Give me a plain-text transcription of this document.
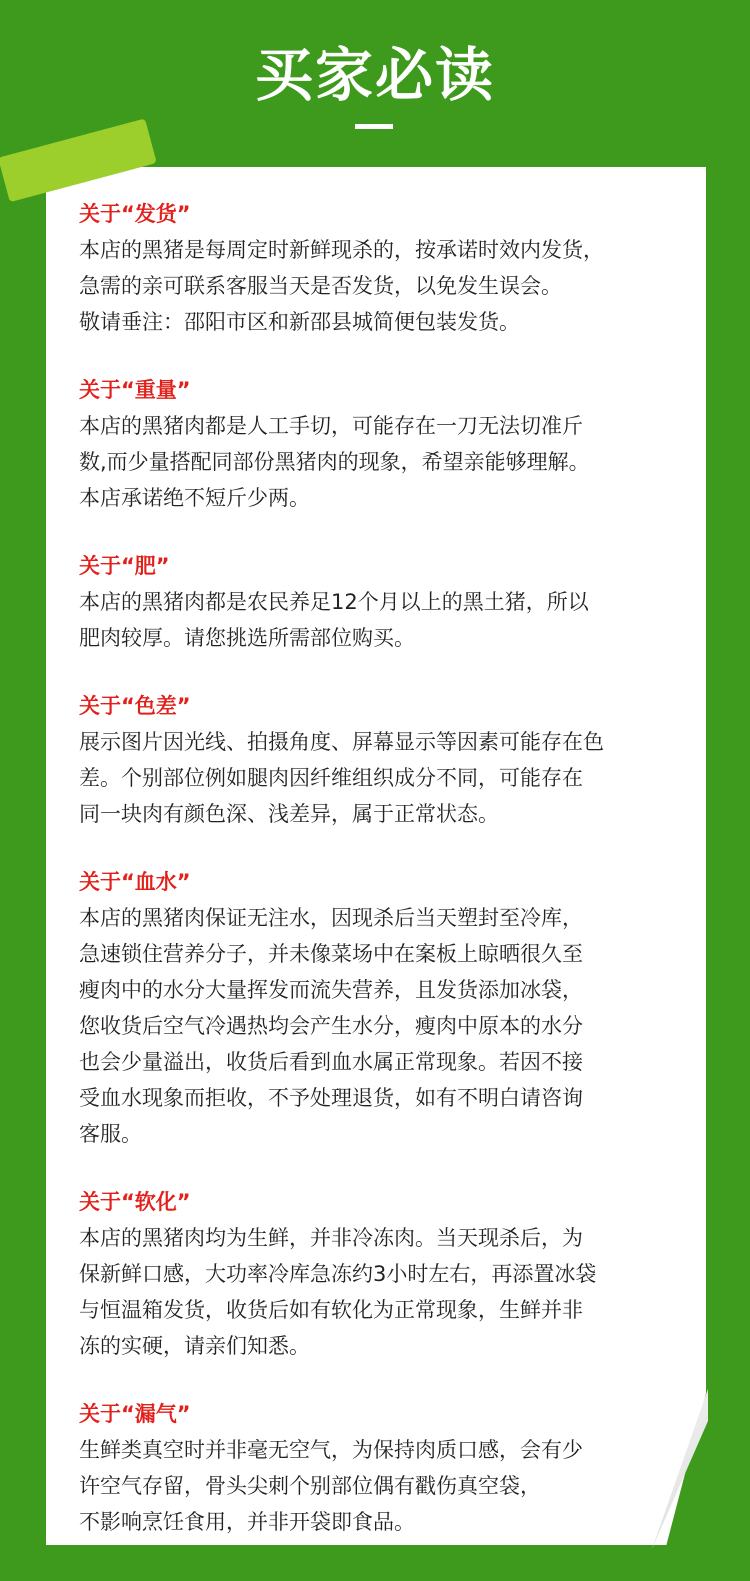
买家必读
关于“发货”
本店的黑猪是每周定时新鲜现杀的，按承诺时效内发货，
急需的亲可联系客服当天是否发货，以免发生误会。
敬请垂注：邵阳市区和新邵县城简便包装发货。
关于“重量”
本店的黑猪肉都是人工手切，可能存在一刀无法切准斤
数,而少量搭配同部份黑猪肉的现象，希望亲能够理解。
本店承诺绝不短斤少两。
关于“肥”
本店的黑猪肉都是农民养足12个月以上的黑土猪，所以
肥肉较厚。请您挑选所需部位购买。
关于“色差”
展示图片因光线、拍摄角度、屏幕显示等因素可能存在色
差。个别部位例如腿肉因纤维组织成分不同，可能存在
同一块肉有颜色深、浅差异，属于正常状态。
关于“血水”
本店的黑猪肉保证无注水，因现杀后当天塑封至冷库，
急速锁住营养分子，并未像菜场中在案板上晾晒很久至
瘦肉中的水分大量挥发而流失营养，且发货添加冰袋，
您收货后空气冷遇热均会产生水分，瘦肉中原本的水分
也会少量溢出，收货后看到血水属正常现象。若因不接
受血水现象而拒收，不予处理退货，如有不明白请咨询
客服。
关于“软化”
本店的黑猪肉均为生鲜，并非冷冻肉。当天现杀后，为
保新鲜口感，大功率冷库急冻约3小时左右，再添置冰袋
与恒温箱发货，收货后如有软化为正常现象，生鲜并非
冻的实硬，请亲们知悉。
关于“漏气”
生鲜类真空时并非毫无空气，为保持肉质口感，会有少
许空气存留，骨头尖刺个别部位偶有戳伤真空袋，
不影响烹饪食用，并非开袋即食品。
